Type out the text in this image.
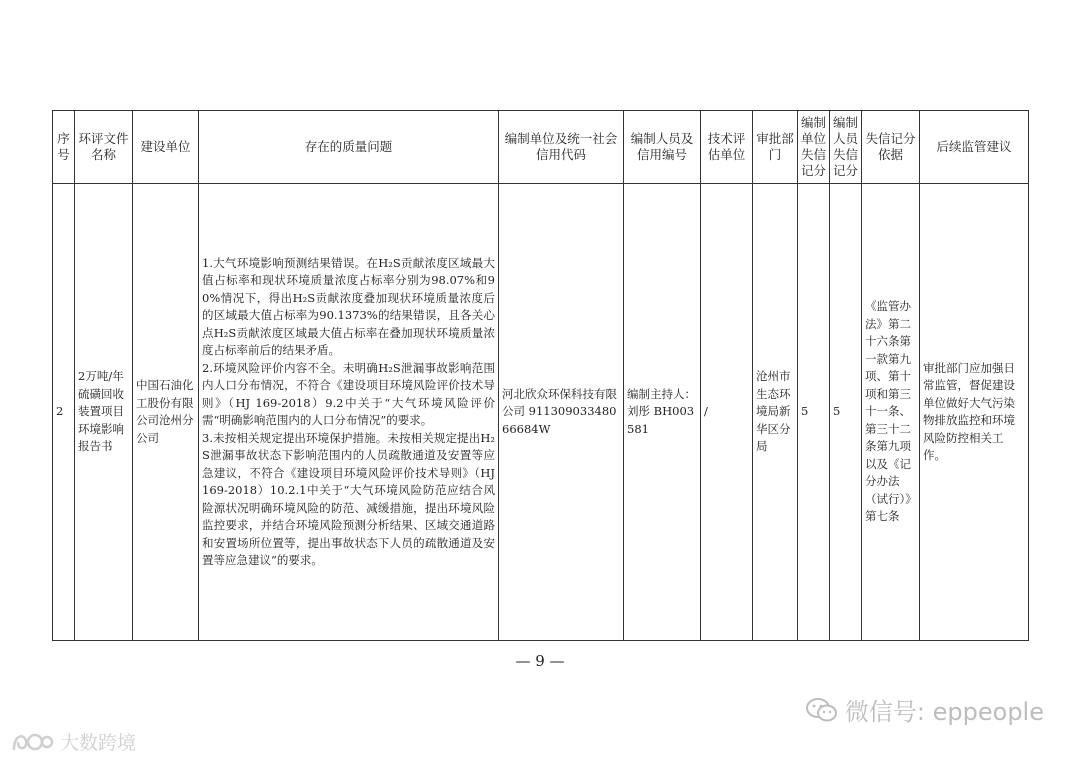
序号	环评文件名称	建设单位	存在的质量问题	编制单位及统一社会信用代码	编制人员及信用编号	技术评估单位	审批部门	编制单位失信记分	编制人员失信记分	失信记分依据	后续监管建议
2	2万吨/年硫磺回收装置项目环境影响报告书	中国石油化工股份有限公司沧州分公司	1.大气环境影响预测结果错误。在H₂S贡献浓度区域最大值占标率和现状环境质量浓度占标率分别为98.07%和90%情况下，得出H₂S贡献浓度叠加现状环境质量浓度后的区域最大值占标率为90.1373%的结果错误，且各关心点H₂S贡献浓度区域最大值占标率在叠加现状环境质量浓度占标率前后的结果矛盾。

2.环境风险评价内容不全。未明确H₂S泄漏事故影响范围内人口分布情况，不符合《建设项目环境风险评价技术导则》（HJ 169-2018）9.2中关于“大气环境风险评价需“明确影响范围内的人口分布情况”的要求。

3.未按相关规定提出环境保护措施。未按相关规定提出H₂S泄漏事故状态下影响范围内的人员疏散通道及安置等应急建议，不符合《建设项目环境风险评价技术导则》（HJ 169-2018）10.2.1中关于“大气环境风险防范应结合风险源状况明确环境风险的防范、减缓措施，提出环境风险监控要求，并结合环境风险预测分析结果、区域交通道路和安置场所位置等，提出事故状态下人员的疏散通道及安置等应急建议”的要求。	河北欣众环保科技有限公司 91130903348066684W	编制主持人：刘彤 BH003581	/	沧州市生态环境局新华区分局	5	5	《监管办法》第二十六条第一款第九项、第十项和第三十一条、第三十二条第九项以及《记分办法（试行）》第七条	审批部门应加强日常监管，督促建设单位做好大气污染物排放监控和环境风险防控相关工作。
— 9 —
微信号: eppeople
大数跨境
